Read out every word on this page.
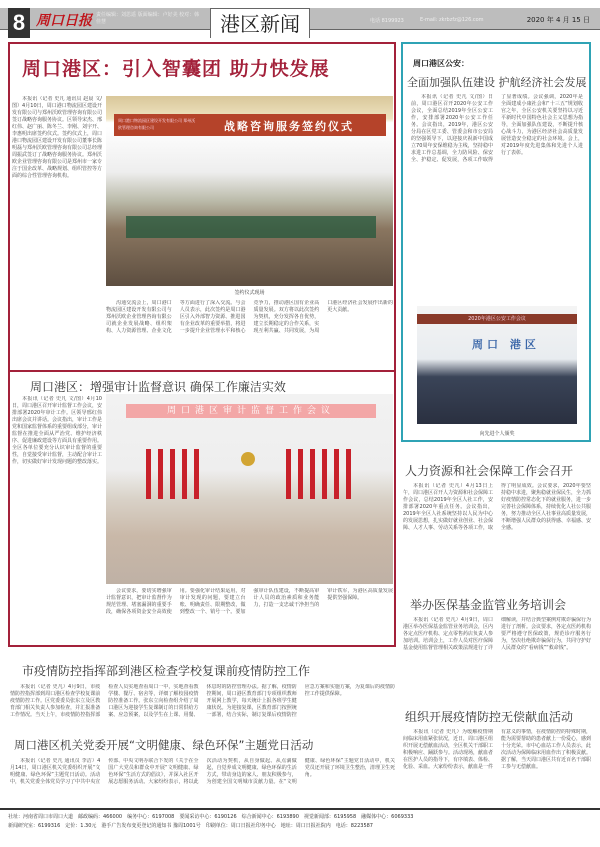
8 周口日报 责任编辑：刘思遥 版面编辑：卢好美 校对：韩佳慧	港区新闻	电话 8199923	E-mail: zkrbzfz@126.com	2020 年 4 月 15 日
周口港区：引入智囊团 助力快发展
本报讯（记者 史凡 通讯员 赵晨 文/图）4月10日，周口港口物流园区建设开发有限公司与郑州沃欧管理咨询有限公司签订战略咨询服务协议。区领导宋杰、邢红伟、赵广丽、陈冬兰、李刚、刘宇开、李惠明出席签约仪式。签约仪式上，周口港口物流园区建设开发有限公司董事长陈明磊与郑州沃欧管理咨询有限公司总经理周振武签订了战略咨询服务协议。郑州沃欧企业管理咨询有限公司是郑州市一家专注于国企改革、战略规划、组织管控等方面的综合性管理咨询机构。
周口港口物流园区建设开发有限公司 郑州沃欧管理咨询有限公司	战略咨询服务签约仪式
签约仪式现场
沟通交流会上，周口港口物流园区建设开发有限公司与郑州沃欧企业管理咨询有限公司就企业发展战略、组织架构、人力资源管理、企业文化等方面进行了深入交流。与会人员表示，此次签约是周口港区引入外部智力资源、推进国有企业改革的重要举措，将进一步提升企业管理水平和核心竞争力，推动港区国有企业高质量发展。双方将以此次签约为契机，充分发挥各自优势，建立长期稳定的合作关系，实现互利共赢、共同发展，为周口港区经济社会发展作出新的更大贡献。
周口港区公安：
全面加强队伍建设 护航经济社会发展
本报讯（记者 史凡 文/图）日前，周口港区召开2020年公安工作会议，全面总结2019年全区公安工作，安排部署2020年公安工作任务。会议指出，2019年，港区公安分局在区党工委、管委会和市公安局的坚强领导下，以迎接庆祝新中国成立70周年安保维稳为主线，坚持稳中求进工作总基调，全力防风险、保安全、护稳定、促发展，各项工作取得了显著成绩。会议强调，2020年是全面建成小康社会和“十三五”规划收官之年，全区公安机关要坚持以习近平新时代中国特色社会主义思想为指导，全面加强队伍建设，不断提升核心战斗力，为港区经济社会高质量发展营造安全稳定的社会环境。会上，对2019年度先进集体和先进个人进行了表彰。
2020年港区公安工作会议
周口 港区
向先进个人颁奖
周口港区：增强审计监督意识 确保工作廉洁实效
本报讯（记者 史凡 文/图）4月10日，周口港区召开审计监督工作会议，安排部署2020年审计工作。区领导邢红伟出席会议并讲话。会议指出，审计工作是党和国家监督体系的重要组成部分，审计监督在推进全面从严治党、维护经济秩序、促进廉政建设等方面具有重要作用。全区各单位要充分认识审计监督的重要性，自觉接受审计监督，主动配合审计工作，切实做好审计发现问题的整改落实。
周口港区审计监督工作会议
会议要求，要切实增强审计监督意识，把审计监督作为规范管理、堵塞漏洞的重要手段，确保各项资金安全高效使用。要强化审计结果运用，对审计发现的问题，要建立台账、明确责任、限期整改，做到整改一个、销号一个。要加强审计队伍建设，不断提高审计人员的政治素质和业务能力，打造一支忠诚干净担当的审计铁军，为港区高质量发展提供坚强保障。
人力资源和社会保障工作会召开
本报讯（记者 史凡）4月13日上午，周口港区召开人力资源和社会保障工作会议，总结2019年全区人社工作，安排部署2020年重点任务。会议指出，2019年全区人社系统坚持以人民为中心的发展思想，扎实做好就业创业、社会保障、人才人事、劳动关系等各项工作，取得了明显成效。会议要求，2020年要坚持稳中求进，聚焦稳就业保民生，全力抓好疫情防控常态化下的就业服务，进一步完善社会保障体系，持续优化人社公共服务，努力推动全区人社事业高质量发展，不断增强人民群众的获得感、幸福感、安全感。
举办医保基金监管业务培训会
本报讯（记者 史凡）4月9日，周口港区举办医保基金监管业务培训会，区内各定点医疗机构、定点零售药店负责人参加培训。培训会上，工作人员对医疗保障基金使用监督管理相关政策法规进行了详细解读，并结合典型案例对欺诈骗保行为进行了剖析。会议要求，各定点医药机构要严格遵守医保政策，规范诊疗服务行为，坚决杜绝欺诈骗保行为，共同守护好人民群众的“看病钱”“救命钱”。
组织开展疫情防控无偿献血活动
本报讯（记者 史凡）为缓解疫情期间临床用血紧张状况，近日，周口港区组织开展无偿献血活动，全区机关干部职工积极响应、踊跃参与。活动现场，献血者在医护人员的指导下，有序填表、体检、化验、采血。大家纷纷表示，献血是一件有意义的事情，在疫情防控的特殊时期，能为需要帮助的患者献上一份爱心，感到十分光荣。市中心血站工作人员表示，此次活动为保障临床用血作出了积极贡献。据了解，当天周口港区共有近百名干部职工参与无偿献血。
市疫情防控指挥部到港区检查学校复课前疫情防控工作
本报讯（记者 史凡）4月9日，市疫情防控指挥部到周口港区检查学校复课前疫情防控工作。区党委委员张东立及区教育部门相关负责人参加检查，并汇报准备工作情况。当天上午，市疫情防控指挥部检查人员实地查看周口一中，实地查看教学楼、餐厅、宿舍等，详细了解校园疫情防控准备工作。张东立向检查组介绍了周口港区为迎接学生复课制订的日常供给方案、应急预案，以及学生在上课、用餐、休息时的防控管理办法。据了解，疫情防控期间，周口港区教育部门专项组织教师开展网上教学，每天统计上报各班学生健康状况。为迎接复课，区教育部门按照统一部署，结合实际，制订复课后疫情防控应急方案和实施方案，为复课后的疫情防控工作提供保障。
周口港区机关党委开展“文明健康、绿色环保”主题党日活动
本报讯（记者 史凡 通讯员 李洁）4月14日，周口港区机关党委组织开展“文明健康、绿色环保”主题党日活动。活动中，机关党委全体党员学习了中共中央宣传部、中央文明办联合下发的《关于在全国广大党员和群众中开展“文明健康、绿色环保”生活方式的倡议》，并深入社区开展志愿服务活动。大家纷纷表示，将以此次活动为契机，从自身做起、从点滴做起，自觉养成文明健康、绿色环保的生活方式，带动身边的家人、朋友积极参与，为创建全国文明城市贡献力量。在“文明健康、绿色环保”主题党日活动中，机关党员还开展了环境卫生整治，清理卫生死角。
社址：河南省周口市周口大道　邮政编码：466000　编务中心：6197008　要闻采访中心：6190126　综合新闻中心：6193890　视觉新闻部：6195958　融媒体中心：6069333
新闻研究室：6199316　定价：1.30元　港手广告发布变更登记的通知书 豫周1001号　印刷单位：周口日报社印务中心　地址：周口日报社院内　电话：8223587
